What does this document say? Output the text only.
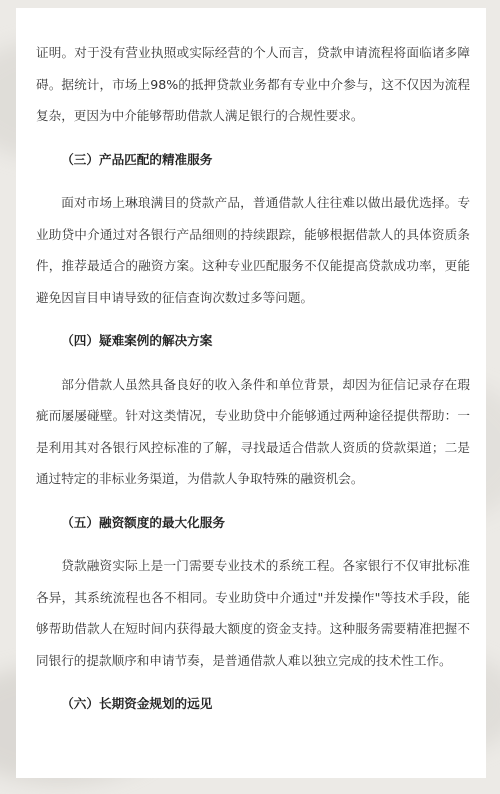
证明。对于没有营业执照或实际经营的个人而言，贷款申请流程将面临诸多障碍。据统计，市场上98%的抵押贷款业务都有专业中介参与，这不仅因为流程复杂，更因为中介能够帮助借款人满足银行的合规性要求。

（三）产品匹配的精准服务

面对市场上琳琅满目的贷款产品，普通借款人往往难以做出最优选择。专业助贷中介通过对各银行产品细则的持续跟踪，能够根据借款人的具体资质条件，推荐最适合的融资方案。这种专业匹配服务不仅能提高贷款成功率，更能避免因盲目申请导致的征信查询次数过多等问题。

（四）疑难案例的解决方案

部分借款人虽然具备良好的收入条件和单位背景，却因为征信记录存在瑕疵而屡屡碰壁。针对这类情况，专业助贷中介能够通过两种途径提供帮助：一是利用其对各银行风控标准的了解，寻找最适合借款人资质的贷款渠道；二是通过特定的非标业务渠道，为借款人争取特殊的融资机会。

（五）融资额度的最大化服务

贷款融资实际上是一门需要专业技术的系统工程。各家银行不仅审批标准各异，其系统流程也各不相同。专业助贷中介通过"并发操作"等技术手段，能够帮助借款人在短时间内获得最大额度的资金支持。这种服务需要精准把握不同银行的提款顺序和申请节奏，是普通借款人难以独立完成的技术性工作。

（六）长期资金规划的远见
